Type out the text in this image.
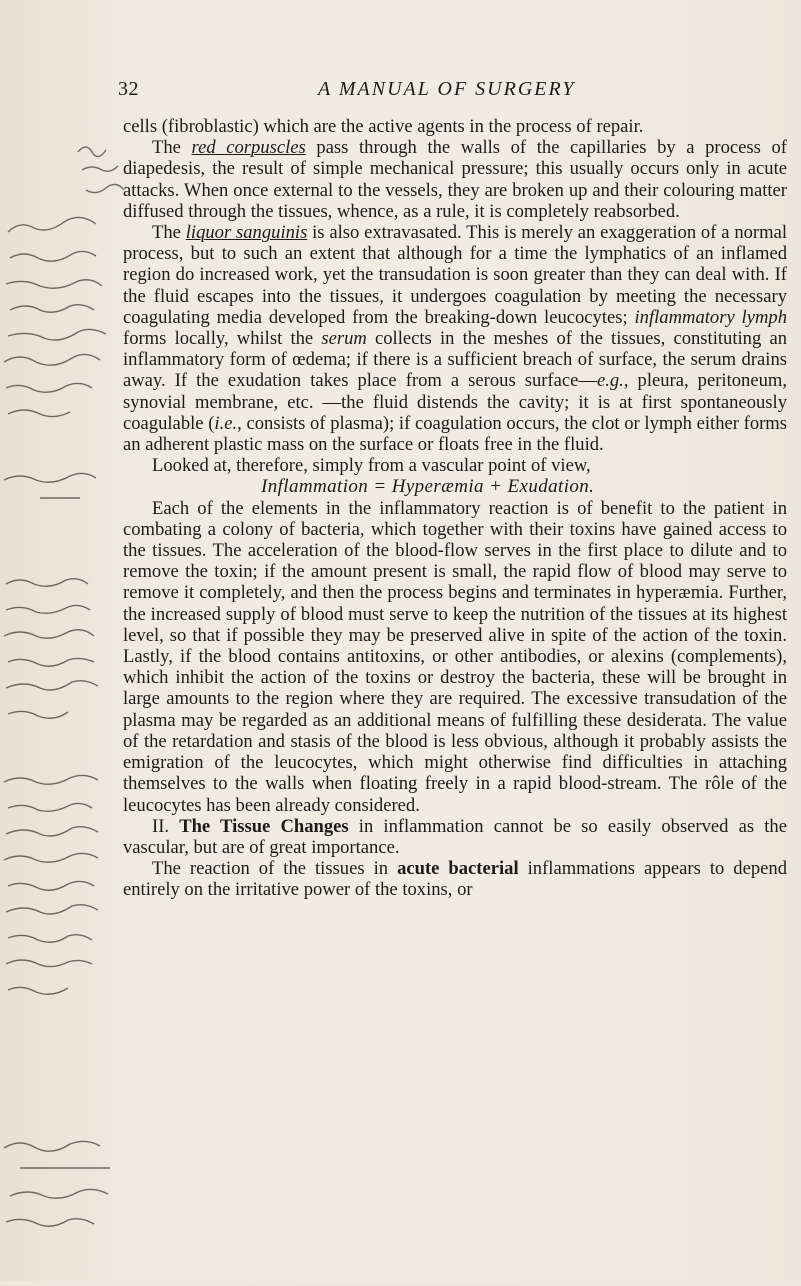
32	A MANUAL OF SURGERY

cells (fibroblastic) which are the active agents in the process of repair.

The red corpuscles pass through the walls of the capillaries by a process of diapedesis, the result of simple mechanical pressure; this usually occurs only in acute attacks. When once external to the vessels, they are broken up and their colouring matter diffused through the tissues, whence, as a rule, it is completely reabsorbed.

The liquor sanguinis is also extravasated. This is merely an exaggeration of a normal process, but to such an extent that although for a time the lymphatics of an inflamed region do increased work, yet the transudation is soon greater than they can deal with. If the fluid escapes into the tissues, it undergoes coagulation by meeting the necessary coagulating media developed from the breaking-down leucocytes; inflammatory lymph forms locally, whilst the serum collects in the meshes of the tissues, constituting an inflammatory form of œdema; if there is a sufficient breach of surface, the serum drains away. If the exudation takes place from a serous surface—e.g., pleura, peritoneum, synovial membrane, etc. —the fluid distends the cavity; it is at first spontaneously coagulable (i.e., consists of plasma); if coagulation occurs, the clot or lymph either forms an adherent plastic mass on the surface or floats free in the fluid.

Looked at, therefore, simply from a vascular point of view,

Inflammation = Hyperæmia + Exudation.

Each of the elements in the inflammatory reaction is of benefit to the patient in combating a colony of bacteria, which together with their toxins have gained access to the tissues. The acceleration of the blood-flow serves in the first place to dilute and to remove the toxin; if the amount present is small, the rapid flow of blood may serve to remove it completely, and then the process begins and terminates in hyperæmia. Further, the increased supply of blood must serve to keep the nutrition of the tissues at its highest level, so that if possible they may be preserved alive in spite of the action of the toxin. Lastly, if the blood contains antitoxins, or other antibodies, or alexins (complements), which inhibit the action of the toxins or destroy the bacteria, these will be brought in large amounts to the region where they are required. The excessive transudation of the plasma may be regarded as an additional means of fulfilling these desiderata. The value of the retardation and stasis of the blood is less obvious, although it probably assists the emigration of the leucocytes, which might otherwise find difficulties in attaching themselves to the walls when floating freely in a rapid blood-stream. The rôle of the leucocytes has been already considered.

II. The Tissue Changes in inflammation cannot be so easily observed as the vascular, but are of great importance.

The reaction of the tissues in acute bacterial inflammations appears to depend entirely on the irritative power of the toxins, or
